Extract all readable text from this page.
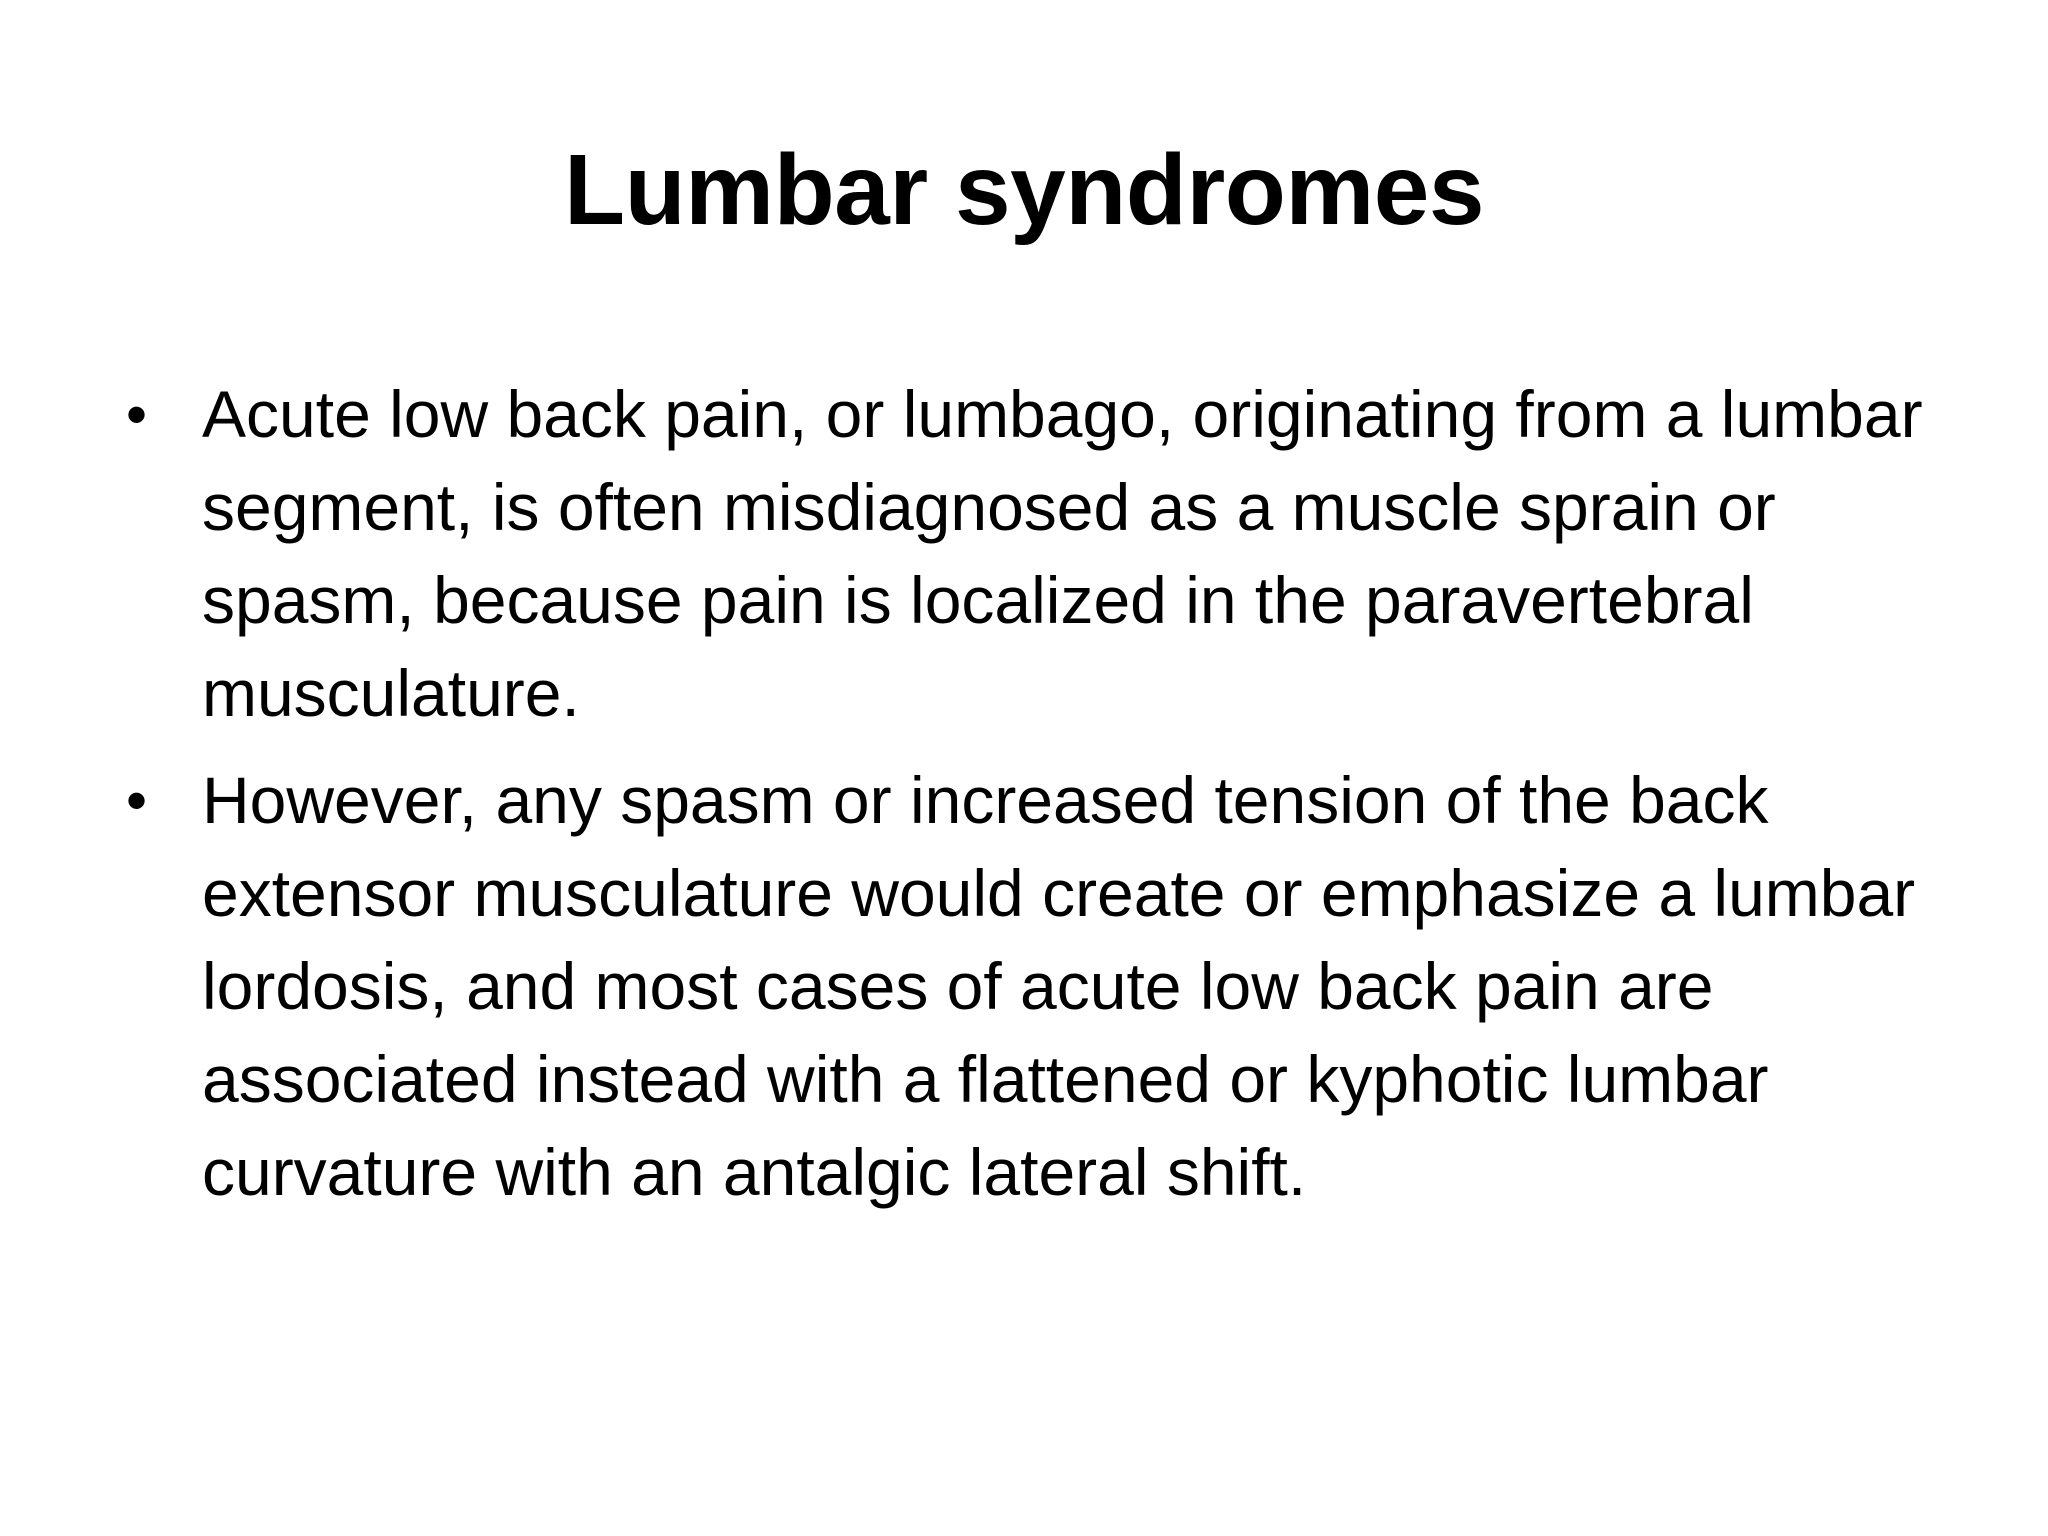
Lumbar syndromes
• Acute low back pain, or lumbago, originating from a lumbar segment, is often misdiagnosed as a muscle sprain or spasm, because pain is localized in the paravertebral musculature.
• However, any spasm or increased tension of the back extensor musculature would create or emphasize a lumbar lordosis, and most cases of acute low back pain are associated instead with a flattened or kyphotic lumbar curvature with an antalgic lateral shift.
